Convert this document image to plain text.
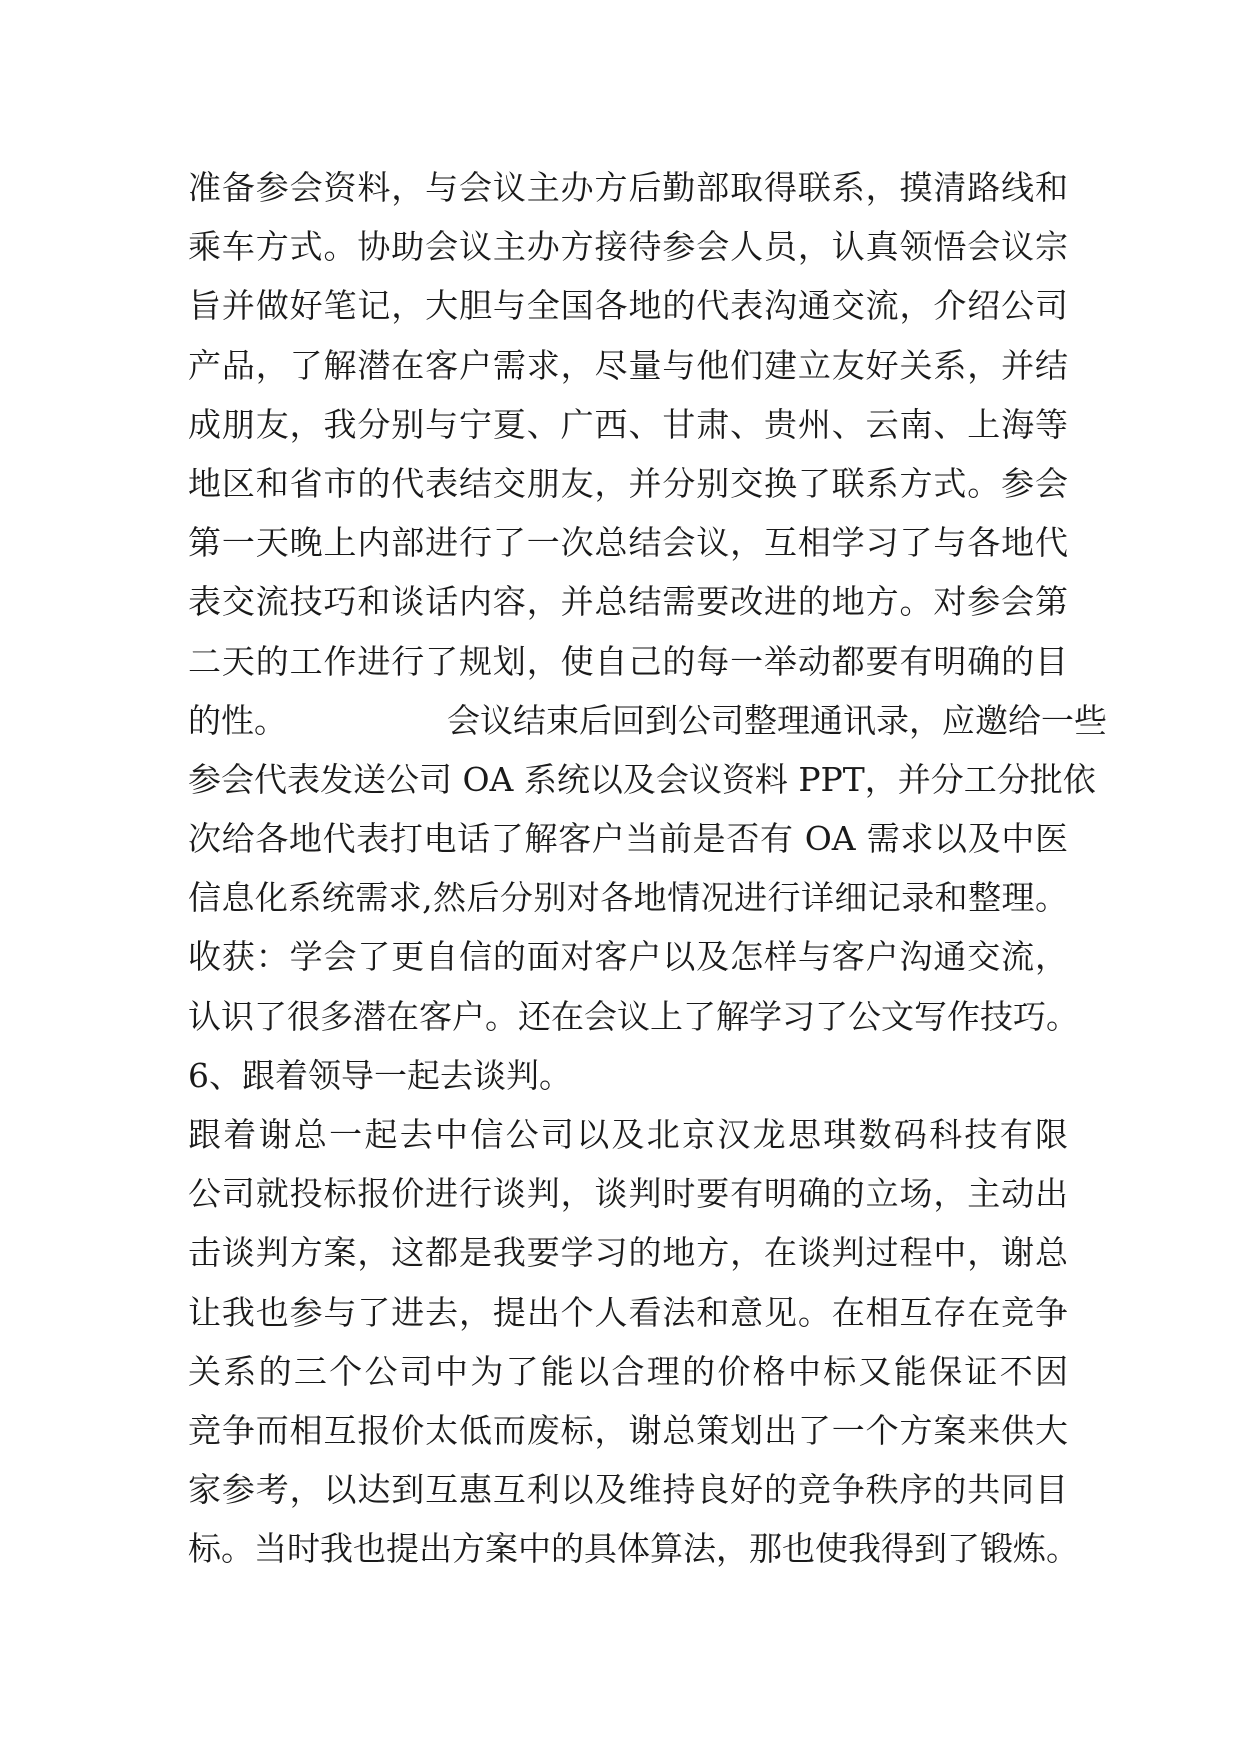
准备参会资料，与会议主办方后勤部取得联系，摸清路线和
乘车方式。协助会议主办方接待参会人员，认真领悟会议宗
旨并做好笔记，大胆与全国各地的代表沟通交流，介绍公司
产品，了解潜在客户需求，尽量与他们建立友好关系，并结
成朋友，我分别与宁夏、广西、甘肃、贵州、云南、上海等
地区和省市的代表结交朋友，并分别交换了联系方式。参会
第一天晚上内部进行了一次总结会议，互相学习了与各地代
表交流技巧和谈话内容，并总结需要改进的地方。对参会第
二天的工作进行了规划，使自己的每一举动都要有明确的目
的性。	会议结束后回到公司整理通讯录，应邀给一些
参会代表发送公司 OA 系统以及会议资料 PPT，并分工分批依
次给各地代表打电话了解客户当前是否有 OA 需求以及中医
信息化系统需求,然后分别对各地情况进行详细记录和整理。
收获：学会了更自信的面对客户以及怎样与客户沟通交流，
认识了很多潜在客户。还在会议上了解学习了公文写作技巧。
6、跟着领导一起去谈判。
跟着谢总一起去中信公司以及北京汉龙思琪数码科技有限
公司就投标报价进行谈判，谈判时要有明确的立场，主动出
击谈判方案，这都是我要学习的地方，在谈判过程中，谢总
让我也参与了进去，提出个人看法和意见。在相互存在竞争
关系的三个公司中为了能以合理的价格中标又能保证不因
竞争而相互报价太低而废标，谢总策划出了一个方案来供大
家参考，以达到互惠互利以及维持良好的竞争秩序的共同目
标。当时我也提出方案中的具体算法，那也使我得到了锻炼。
